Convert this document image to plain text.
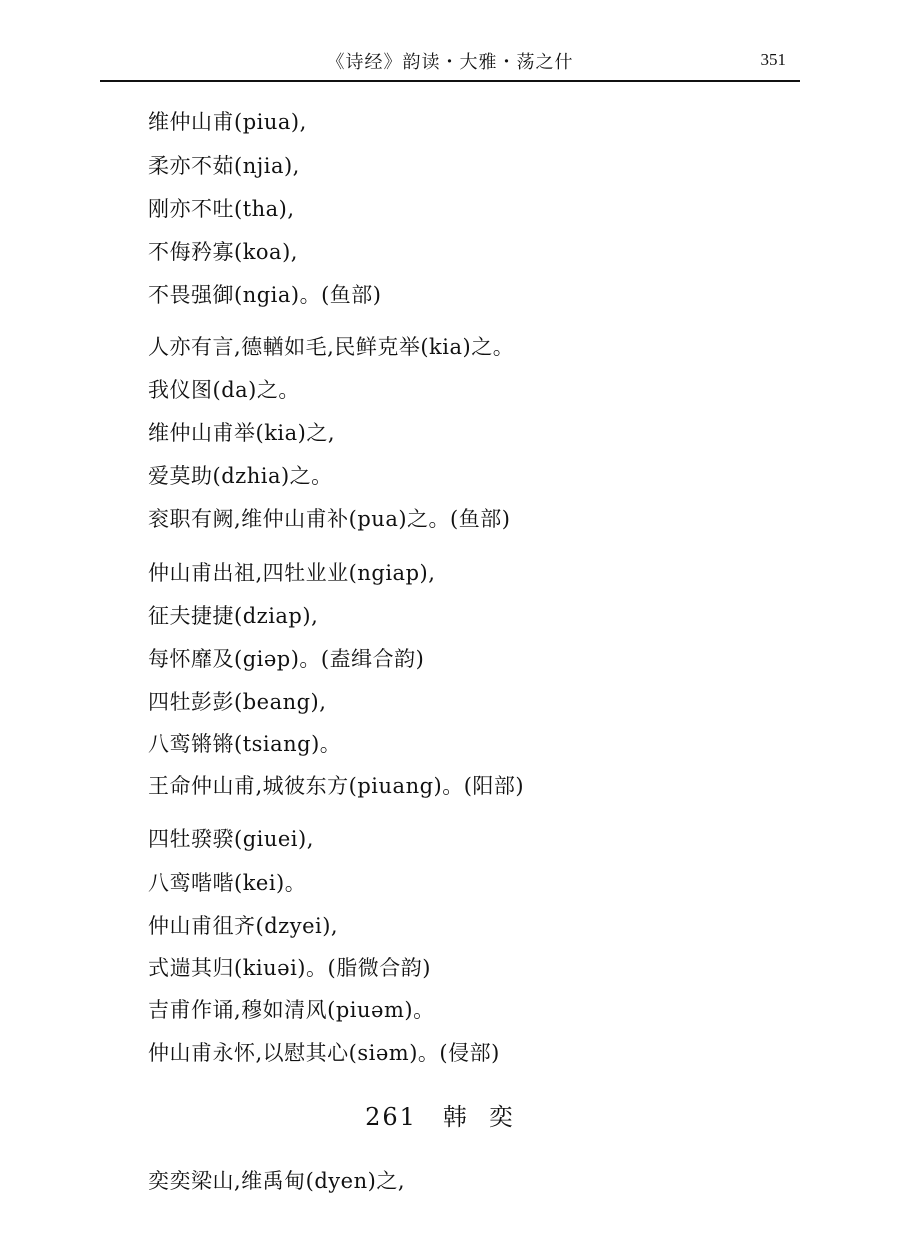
《诗经》韵读・大雅・荡之什	351
维仲山甫(piua),
柔亦不茹(njia),
刚亦不吐(tha),
不侮矜寡(koa),
不畏强御(ngia)。(鱼部)
人亦有言,德輶如毛,民鲜克举(kia)之。
我仪图(da)之。
维仲山甫举(kia)之,
爱莫助(dzhia)之。
衮职有阙,维仲山甫补(pua)之。(鱼部)
仲山甫出祖,四牡业业(ngiap),
征夫捷捷(dziap),
每怀靡及(giəp)。(盍缉合韵)
四牡彭彭(beang),
八鸾锵锵(tsiang)。
王命仲山甫,城彼东方(piuang)。(阳部)
四牡骙骙(giuei),
八鸾喈喈(kei)。
仲山甫徂齐(dzyei),
式遄其归(kiuəi)。(脂微合韵)
吉甫作诵,穆如清风(piuəm)。
仲山甫永怀,以慰其心(siəm)。(侵部)
261 韩奕
奕奕梁山,维禹甸(dyen)之,
